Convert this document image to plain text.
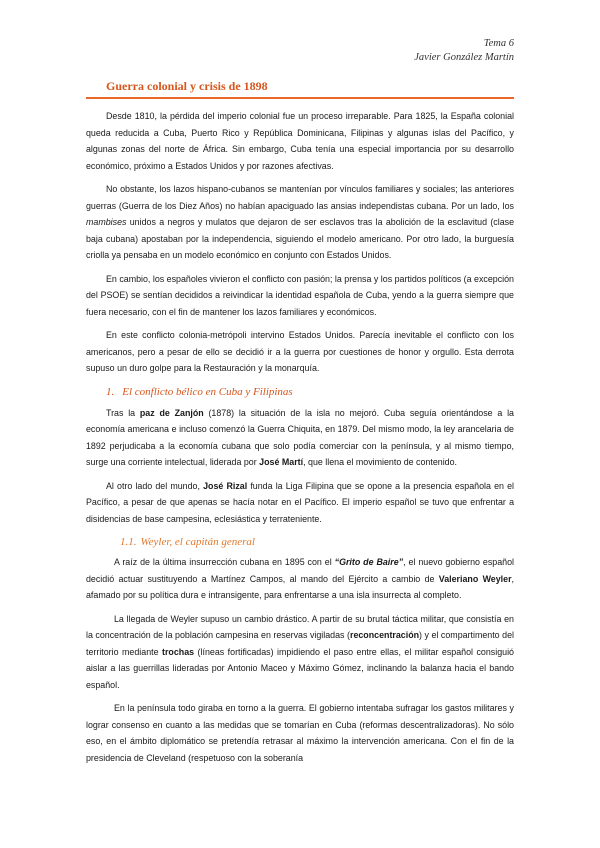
Tema 6
Javier González Martín
Guerra colonial y crisis de 1898

Desde 1810, la pérdida del imperio colonial fue un proceso irreparable. Para 1825, la España colonial queda reducida a Cuba, Puerto Rico y República Dominicana, Filipinas y algunas islas del Pacífico, y algunas zonas del norte de África. Sin embargo, Cuba tenía una especial importancia por su desarrollo económico, próximo a Estados Unidos y por razones afectivas.

No obstante, los lazos hispano-cubanos se mantenían por vínculos familiares y sociales; las anteriores guerras (Guerra de los Diez Años) no habían apaciguado las ansias independistas cubana. Por un lado, los mambises unidos a negros y mulatos que dejaron de ser esclavos tras la abolición de la esclavitud (clase baja cubana) apostaban por la independencia, siguiendo el modelo americano. Por otro lado, la burguesía criolla ya pensaba en un modelo económico en conjunto con Estados Unidos.

En cambio, los españoles vivieron el conflicto con pasión; la prensa y los partidos políticos (a excepción del PSOE) se sentían decididos a reivindicar la identidad española de Cuba, yendo a la guerra siempre que fuera necesario, con el fin de mantener los lazos familiares y económicos.

En este conflicto colonia-metrópoli intervino Estados Unidos. Parecía inevitable el conflicto con los americanos, pero a pesar de ello se decidió ir a la guerra por cuestiones de honor y orgullo. Esta derrota supuso un duro golpe para la Restauración y la monarquía.

1. El conflicto bélico en Cuba y Filipinas

Tras la paz de Zanjón (1878) la situación de la isla no mejoró. Cuba seguía orientándose a la economía americana e incluso comenzó la Guerra Chiquita, en 1879. Del mismo modo, la ley arancelaria de 1892 perjudicaba a la economía cubana que solo podía comerciar con la península, y al mismo tiempo, surge una corriente intelectual, liderada por José Martí, que llena el movimiento de contenido.

Al otro lado del mundo, José Rizal funda la Liga Filipina que se opone a la presencia española en el Pacífico, a pesar de que apenas se hacía notar en el Pacífico. El imperio español se tuvo que enfrentar a disidencias de base campesina, eclesiástica y terrateniente.

1.1. Weyler, el capitán general

A raíz de la última insurrección cubana en 1895 con el “Grito de Baire”, el nuevo gobierno español decidió actuar sustituyendo a Martínez Campos, al mando del Ejército a cambio de Valeriano Weyler, afamado por su política dura e intransigente, para enfrentarse a una isla insurrecta al completo.

La llegada de Weyler supuso un cambio drástico. A partir de su brutal táctica militar, que consistía en la concentración de la población campesina en reservas vigiladas (reconcentración) y el compartimento del territorio mediante trochas (líneas fortificadas) impidiendo el paso entre ellas, el militar español consiguió aislar a las guerrillas lideradas por Antonio Maceo y Máximo Gómez, inclinando la balanza hacia el bando español.

En la península todo giraba en torno a la guerra. El gobierno intentaba sufragar los gastos militares y lograr consenso en cuanto a las medidas que se tomarían en Cuba (reformas descentralizadoras). No sólo eso, en el ámbito diplomático se pretendía retrasar al máximo la intervención americana. Con el fin de la presidencia de Cleveland (respetuoso con la soberanía
